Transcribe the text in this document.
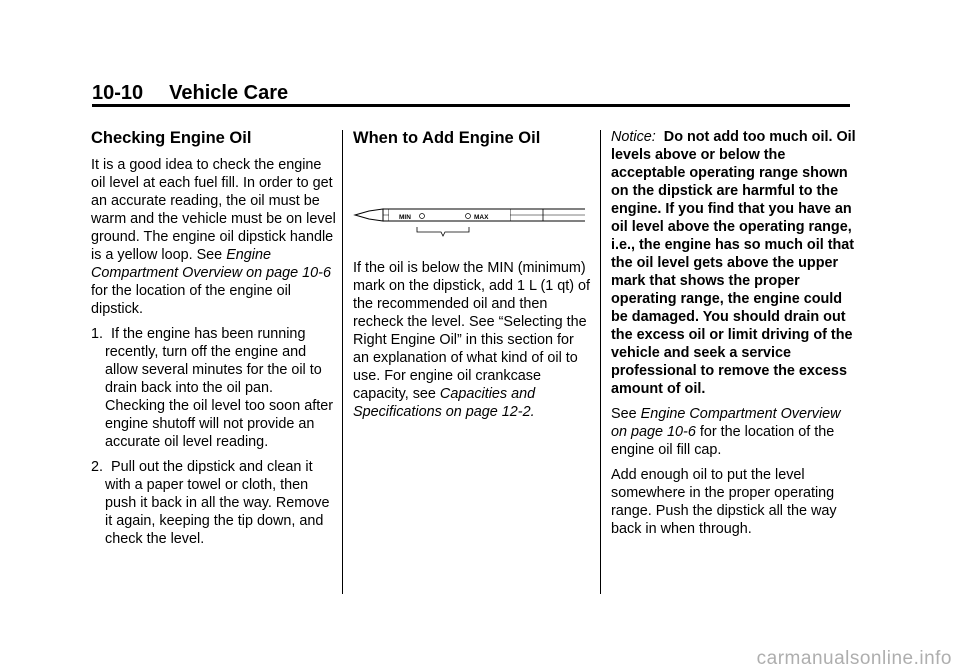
10-10 Vehicle Care
Checking Engine Oil

It is a good idea to check the engine oil level at each fuel fill. In order to get an accurate reading, the oil must be warm and the vehicle must be on level ground. The engine oil dipstick handle is a yellow loop. See Engine Compartment Overview on page 10-6 for the location of the engine oil dipstick.

1. If the engine has been running recently, turn off the engine and allow several minutes for the oil to drain back into the oil pan. Checking the oil level too soon after engine shutoff will not provide an accurate oil level reading.
2. Pull out the dipstick and clean it with a paper towel or cloth, then push it back in all the way. Remove it again, keeping the tip down, and check the level.
When to Add Engine Oil
MIN	MAX

If the oil is below the MIN (minimum) mark on the dipstick, add 1 L (1 qt) of the recommended oil and then recheck the level. See “Selecting the Right Engine Oil” in this section for an explanation of what kind of oil to use. For engine oil crankcase capacity, see Capacities and Specifications on page 12-2.

Notice: Do not add too much oil. Oil levels above or below the acceptable operating range shown on the dipstick are harmful to the engine. If you find that you have an oil level above the operating range, i.e., the engine has so much oil that the oil level gets above the upper mark that shows the proper operating range, the engine could be damaged. You should drain out the excess oil or limit driving of the vehicle and seek a service professional to remove the excess amount of oil.

See Engine Compartment Overview on page 10-6 for the location of the engine oil fill cap.

Add enough oil to put the level somewhere in the proper operating range. Push the dipstick all the way back in when through.

carmanualsonline.info
